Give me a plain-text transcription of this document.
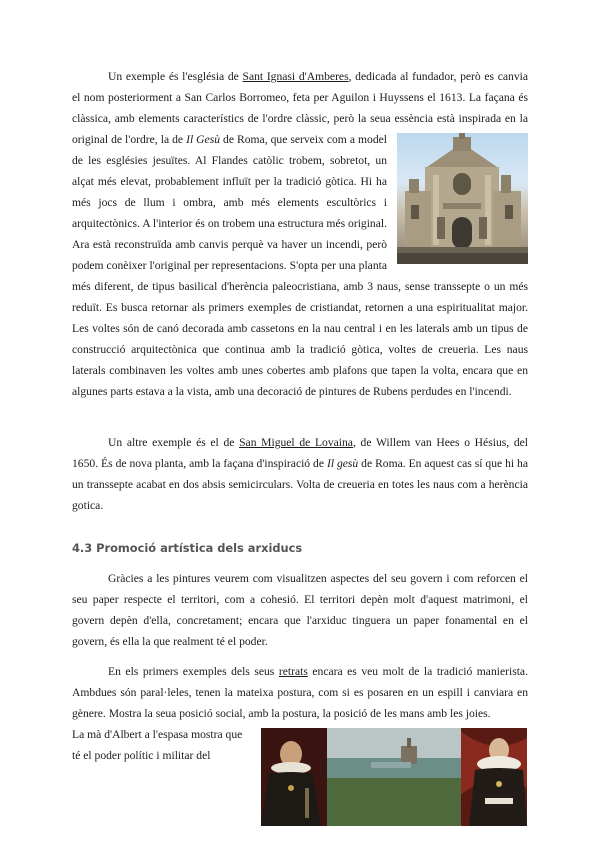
Un exemple és l'església de Sant Ignasi d'Amberes, dedicada al fundador, però es canvia el nom posteriorment a San Carlos Borromeo, feta per Aguilon i Huyssens el 1613. La façana és clàssica, amb elements característics de l'ordre clàssic, però la seua essència està inspirada en la original de l'ordre, la de
Il Gesù de Roma, que serveix com a model de les esglésies jesuïtes. Al Flandes catòlic trobem, sobretot, un alçat més elevat, probablement influït per la tradició gòtica. Hi ha més jocs de llum i ombra, amb més elements escultòrics i arquitectònics. A l'interior és on trobem una estructura més original. Ara està reconstruïda amb canvis perquè va haver un incendi, però podem conèixer l'original per representacions. S'opta per una planta més diferent, de tipus basilical d'herència paleocristiana, amb 3 naus, sense transsepte o un més reduït. Es busca retornar als primers exemples de cristiandat, retornen a una espiritualitat major. Les voltes són de canó decorada amb cassetons en la nau central i en les laterals amb un tipus de construcció arquitectònica que continua amb la tradició gòtica, voltes de creueria. Les naus laterals combinaven les voltes amb unes cobertes amb plafons que tapen la volta, encara que en algunes parts estava a la vista, amb una decoració de pintures de Rubens perdudes en l'incendi.

Un altre exemple és el de San Miguel de Lovaina, de Willem van Hees o Hésius, del 1650. És de nova planta, amb la façana d'inspiració de Il gesù de Roma. En aquest cas sí que hi ha un transsepte acabat en dos absis semicirculars. Volta de creueria en totes les naus com a herència gotica.

4.3 Promoció artística dels arxiducs

Gràcies a les pintures veurem com visualitzen aspectes del seu govern i com reforcen el seu paper respecte el territori, com a cohesió. El territori depèn molt d'aquest matrimoni, el govern depèn d'ella, concretament; encara que l'arxiduc tinguera un paper fonamental en el govern, és ella la que realment té el poder.

En els primers exemples dels seus retrats encara es veu molt de la tradició manierista. Ambdues són paral·leles, tenen la mateixa postura, com si es posaren en un espill i canviara en gènere. Mostra la seua posició social, amb la postura, la posició de les mans amb les joies.

La mà d'Albert a l'espasa mostra que
té el poder polític i militar del
